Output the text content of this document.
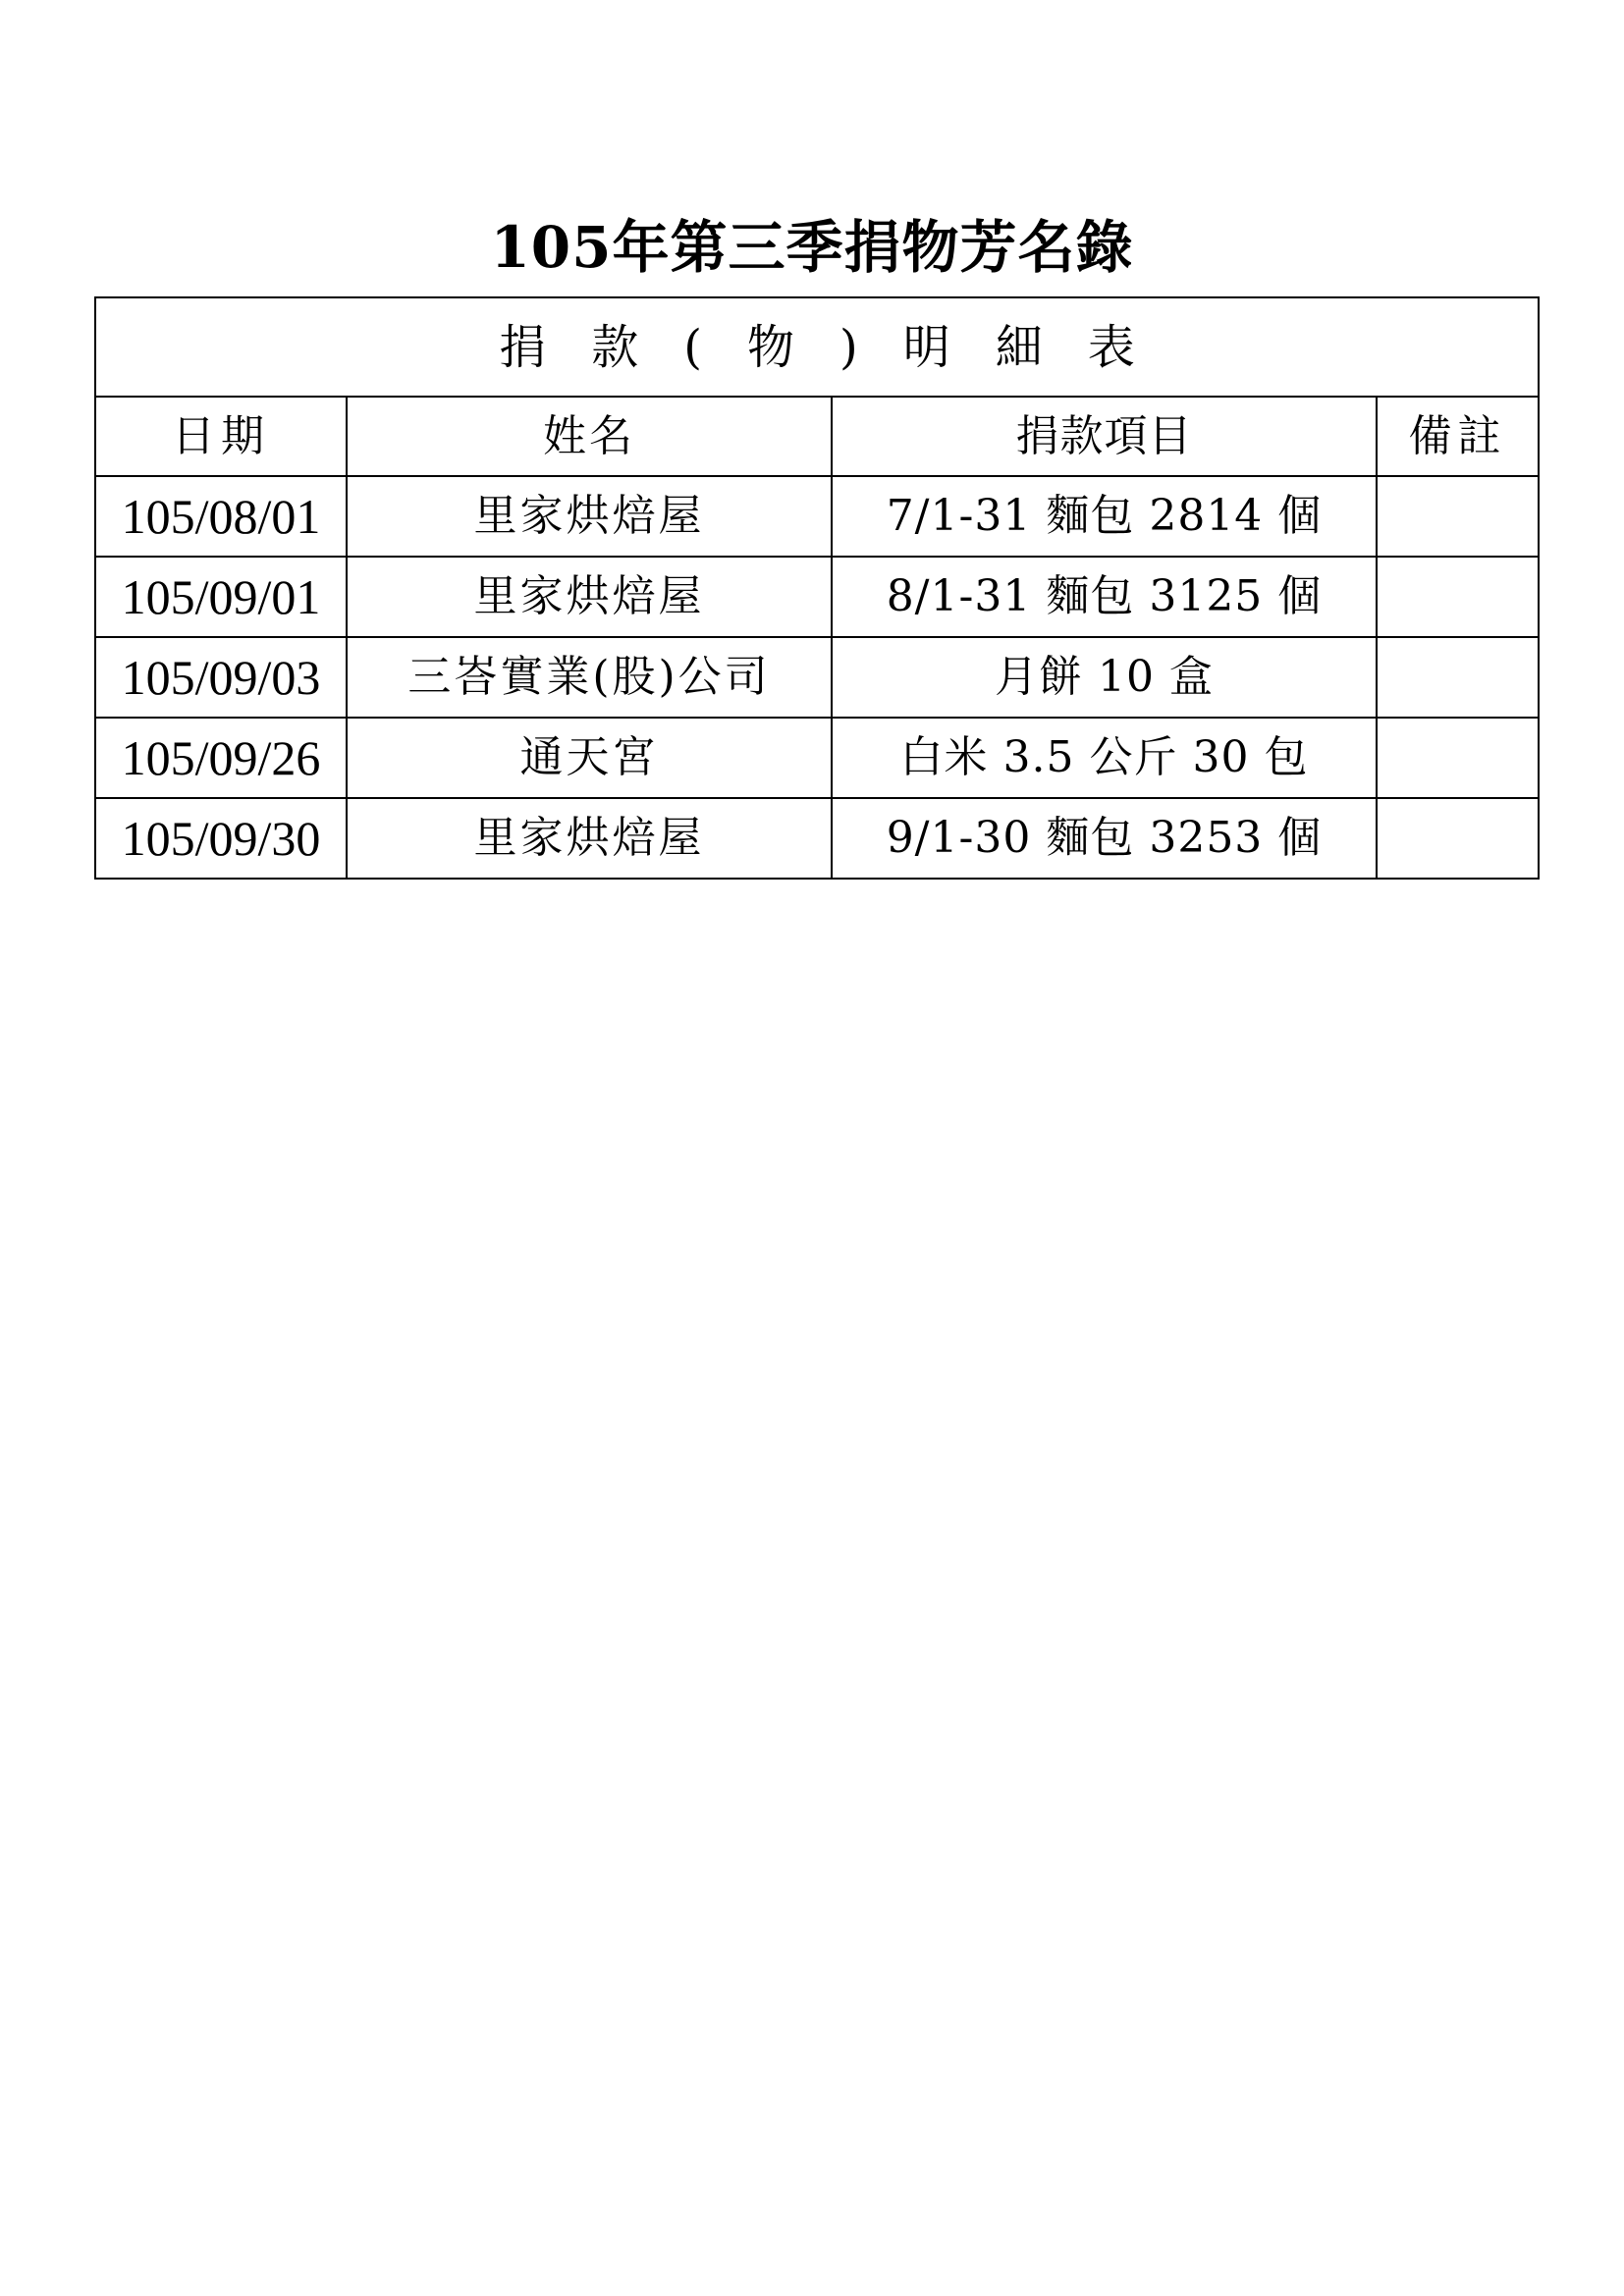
105年第三季捐物芳名錄
捐款(物)明細表			
日期	姓名	捐款項目	備註
105/08/01	里家烘焙屋	7/1-31 麵包 2814 個	
105/09/01	里家烘焙屋	8/1-31 麵包 3125 個	
105/09/03	三峇實業(股)公司	月餅 10 盒	
105/09/26	通天宮	白米 3.5 公斤 30 包	
105/09/30	里家烘焙屋	9/1-30 麵包 3253 個	
